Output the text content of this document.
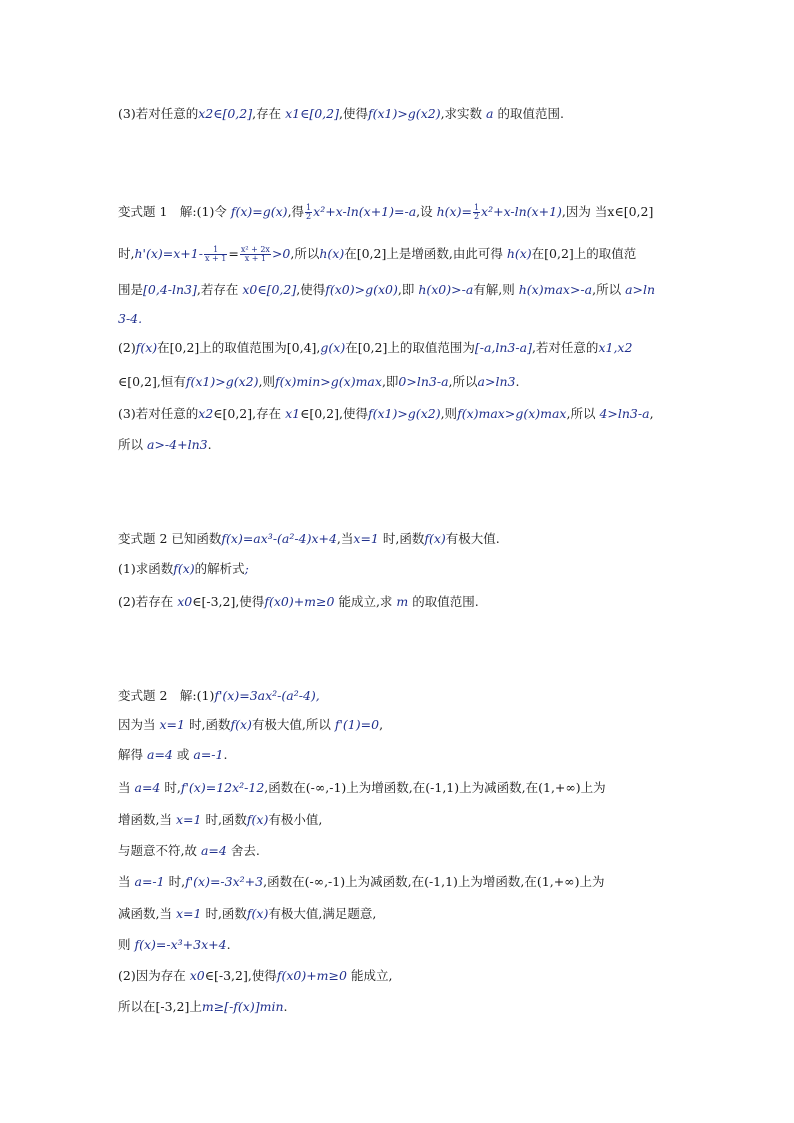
(3)若对任意的x2∈[0,2],存在 x1∈[0,2],使得f(x1)>g(x2),求实数 a 的取值范围.
变式题 1　解:(1)令 f(x)=g(x),得 $\frac{1}{2} x^2+x-\ln(x+1)=-a$,设 $h(x)= \frac{1}{2} x^2+x-\ln(x+1)$,因为 当x∈[0,2]
时$,h'(x)=x+1- \frac{1}{x + 1} = \frac{\text{x² + 2x}}{x + 1} >0$,所以h(x)在[0,2]上是增函数,由此可得 h(x)在[0,2]上的取值范
围是[0,4-ln3],若存在 x0∈[0,2],使得f(x0)>g(x0),即 h(x0)>-a有解,则 h(x)max>-a,所以 a>ln
3-4.
(2)f(x)在[0,2]上的取值范围为[0,4],g(x)在[0,2]上的取值范围为[-a,ln3-a],若对任意的x1,x2
∈[0,2],恒有f(x1)>g(x2),则f(x)min>g(x)max,即0>ln3-a,所以a>ln3.
(3)若对任意的x2∈[0,2],存在 x1∈[0,2],使得f(x1)>g(x2),则f(x)max>g(x)max,所以 4>ln3-a,
所以 a>-4+ln3.
变式题 2 已知函数f(x)=ax³-(a²-4)x+4,当x=1 时,函数f(x)有极大值.
(1)求函数f(x)的解析式;
(2)若存在 x0∈[-3,2],使得f(x0)+m≥0 能成立,求 m 的取值范围.
变式题 2　解:(1)f'(x)=3ax²-(a²-4),
因为当 x=1 时,函数f(x)有极大值,所以 f'(1)=0,
解得 a=4 或 a=-1.
当 a=4 时,f'(x)=12x²-12,函数在(-∞,-1)上为增函数,在(-1,1)上为减函数,在(1,+∞)上为
增函数,当 x=1 时,函数f(x)有极小值,
与题意不符,故 a=4 舍去.
当 a=-1 时,f'(x)=-3x²+3,函数在(-∞,-1)上为减函数,在(-1,1)上为增函数,在(1,+∞)上为
减函数,当 x=1 时,函数f(x)有极大值,满足题意,
则 f(x)=-x³+3x+4.
(2)因为存在 x0∈[-3,2],使得f(x0)+m≥0 能成立,
所以在[-3,2]上m≥[-f(x)]min.
